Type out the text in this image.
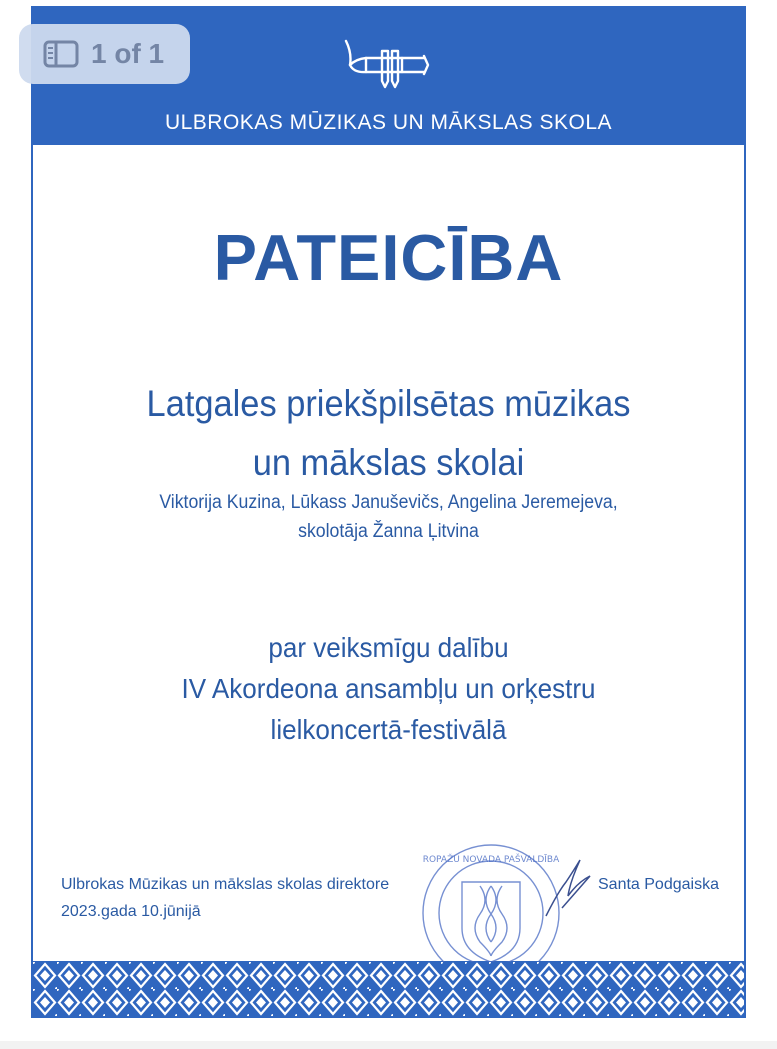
ULBROKAS MŪZIKAS UN MĀKSLAS SKOLA
PATEICĪBA
Latgales priekšpilsētas mūzikas
un mākslas skolai
Viktorija Kuzina, Lūkass Januševičs, Angelina Jeremejeva,
skolotāja Žanna Ļitvina
par veiksmīgu dalību
IV Akordeona ansambļu un orķestru
lielkoncertā-festivālā
Ulbrokas Mūzikas un mākslas skolas direktore
2023.gada 10.jūnijā
Santa Podgaiska
ROPAŽU NOVADA PAŠVALDĪBA
1 of 1
